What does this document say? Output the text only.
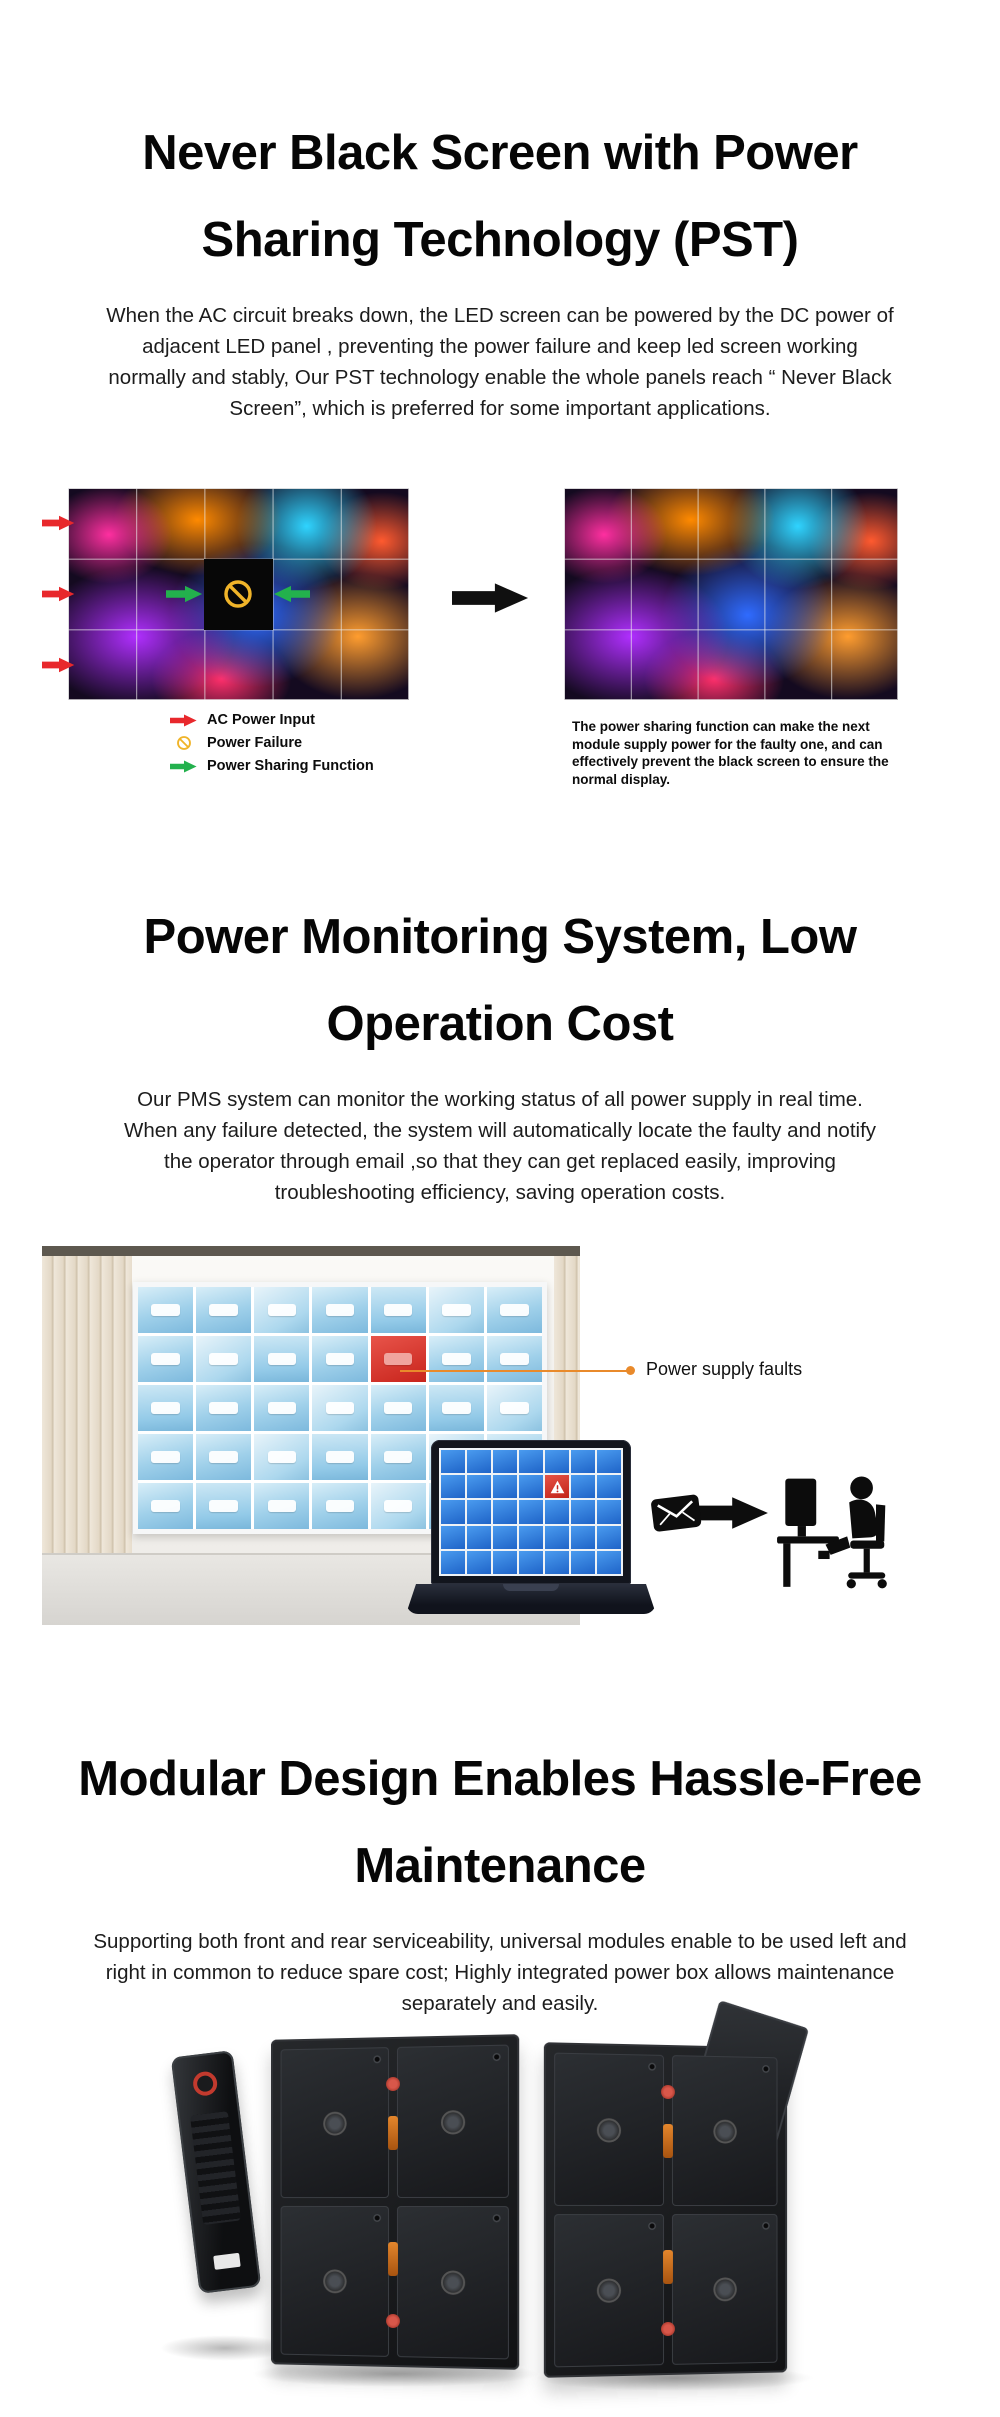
Never Black Screen with Power
Sharing Technology (PST)

When the AC circuit breaks down, the LED screen can be powered by the DC power of adjacent LED panel , preventing the power failure and keep led screen working normally and stably, Our PST technology enable the whole panels reach “ Never Black Screen”, which is preferred for some important applications.

AC Power Input
Power Failure
Power Sharing Function

The power sharing function can make the next module supply power for the faulty one, and can effectively prevent the black screen to ensure the normal display.

Power Monitoring System, Low
Operation Cost

Our PMS system can monitor the working status of all power supply in real time. When any failure detected, the system will automatically locate the faulty and notify the operator through email ,so that they can get replaced easily, improving troubleshooting efficiency, saving operation costs.

Power supply faults
Modular Design Enables Hassle-Free
Maintenance

Supporting both front and rear serviceability, universal modules enable to be used left and right in common to reduce spare cost; Highly integrated power box allows maintenance separately and easily.
